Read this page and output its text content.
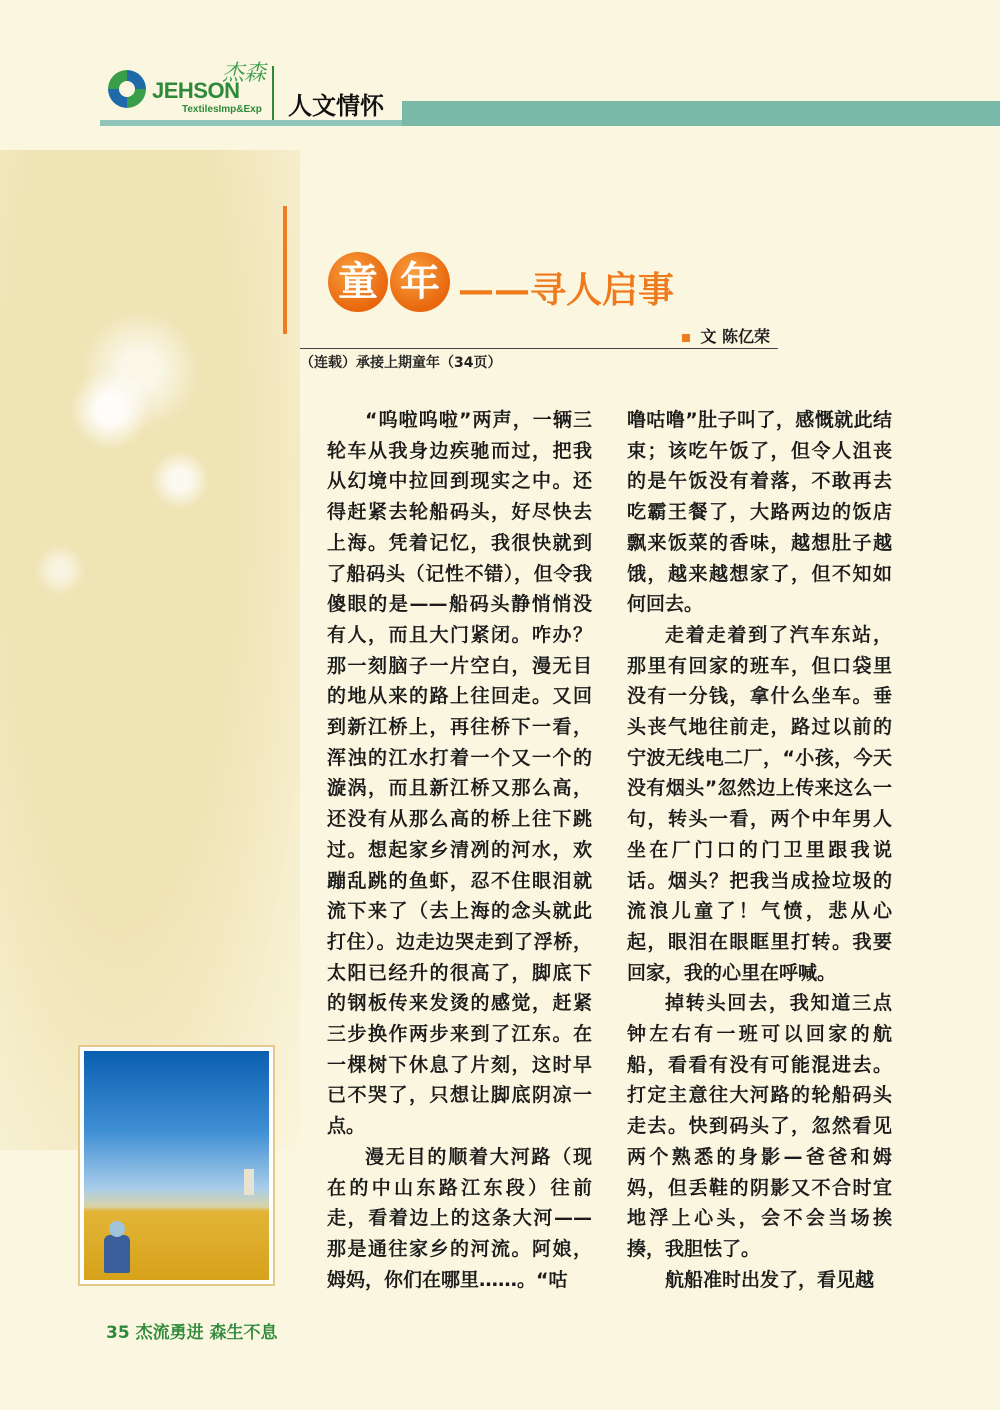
JEHSON
杰森
TextilesImp&Exp 人文情怀
童 年 ——寻人启事
文 陈亿荣
（连载）承接上期童年（34页）

“呜啦呜啦”两声，一辆三轮车从我身边疾驰而过，把我从幻境中拉回到现实之中。还得赶紧去轮船码头，好尽快去上海。凭着记忆，我很快就到了船码头（记性不错），但令我傻眼的是——船码头静悄悄没有人，而且大门紧闭。咋办？那一刻脑子一片空白，漫无目的地从来的路上往回走。又回到新江桥上，再往桥下一看，浑浊的江水打着一个又一个的漩涡，而且新江桥又那么高，还没有从那么高的桥上往下跳过。想起家乡清冽的河水，欢蹦乱跳的鱼虾，忍不住眼泪就流下来了（去上海的念头就此打住）。边走边哭走到了浮桥，太阳已经升的很高了，脚底下的钢板传来发烫的感觉，赶紧三步换作两步来到了江东。在一棵树下休息了片刻，这时早已不哭了，只想让脚底阴凉一点。

漫无目的顺着大河路（现在的中山东路江东段）往前走，看着边上的这条大河——那是通往家乡的河流。阿娘，姆妈，你们在哪里……。“咕

噜咕噜”肚子叫了，感慨就此结束；该吃午饭了，但令人沮丧的是午饭没有着落，不敢再去吃霸王餐了，大路两边的饭店飘来饭菜的香味，越想肚子越饿，越来越想家了，但不知如何回去。

走着走着到了汽车东站，那里有回家的班车，但口袋里没有一分钱，拿什么坐车。垂头丧气地往前走，路过以前的宁波无线电二厂，“小孩，今天没有烟头”忽然边上传来这么一句，转头一看，两个中年男人坐在厂门口的门卫里跟我说话。烟头？把我当成捡垃圾的流浪儿童了！气愤，悲从心起，眼泪在眼眶里打转。我要回家，我的心里在呼喊。

掉转头回去，我知道三点钟左右有一班可以回家的航船，看看有没有可能混进去。打定主意往大河路的轮船码头走去。快到码头了，忽然看见两个熟悉的身影—爸爸和姆妈，但丢鞋的阴影又不合时宜地浮上心头，会不会当场挨揍，我胆怯了。

航船准时出发了，看见越

35 杰流勇进 森生不息
